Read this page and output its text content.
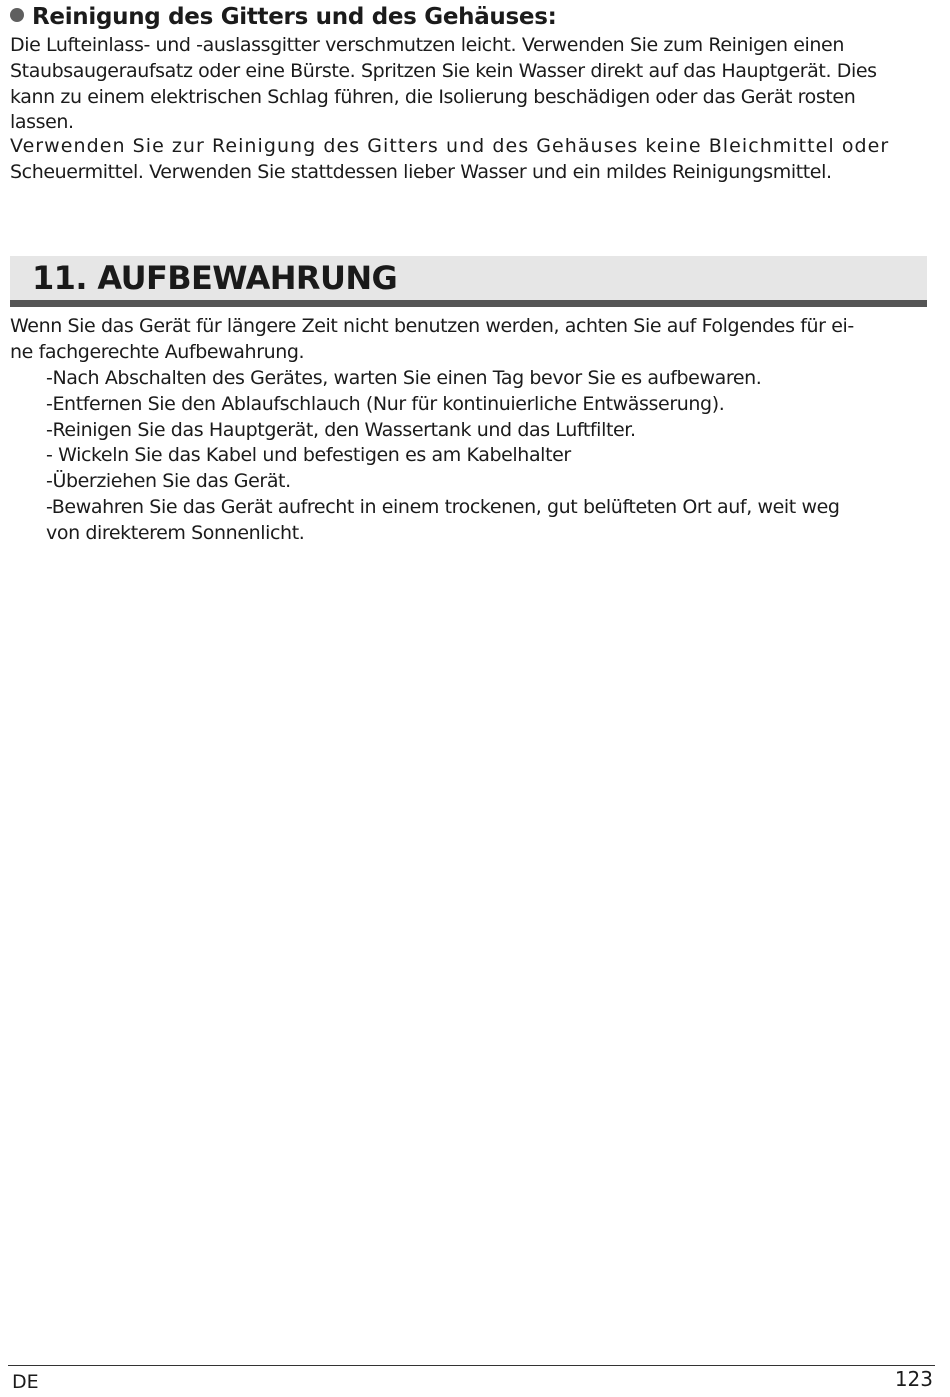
Reinigung des Gitters und des Gehäuses:

Die Lufteinlass- und -auslassgitter verschmutzen leicht. Verwenden Sie zum Reinigen einen
Staubsaugeraufsatz oder eine Bürste. Spritzen Sie kein Wasser direkt auf das Hauptgerät. Dies
kann zu einem elektrischen Schlag führen, die Isolierung beschädigen oder das Gerät rosten
lassen.

Verwenden Sie zur Reinigung des Gitters und des Gehäuses keine Bleichmittel oder
Scheuermittel. Verwenden Sie stattdessen lieber Wasser und ein mildes Reinigungsmittel.

11. AUFBEWAHRUNG

Wenn Sie das Gerät für längere Zeit nicht benutzen werden, achten Sie auf Folgendes für ei-
ne fachgerechte Aufbewahrung.

-Nach Abschalten des Gerätes, warten Sie einen Tag bevor Sie es aufbewaren.
-Entfernen Sie den Ablaufschlauch (Nur für kontinuierliche Entwässerung).
-Reinigen Sie das Hauptgerät, den Wassertank und das Luftfilter.
- Wickeln Sie das Kabel und befestigen es am Kabelhalter
-Überziehen Sie das Gerät.
-Bewahren Sie das Gerät aufrecht in einem trockenen, gut belüfteten Ort auf, weit weg
von direkterem Sonnenlicht.
DE	123
